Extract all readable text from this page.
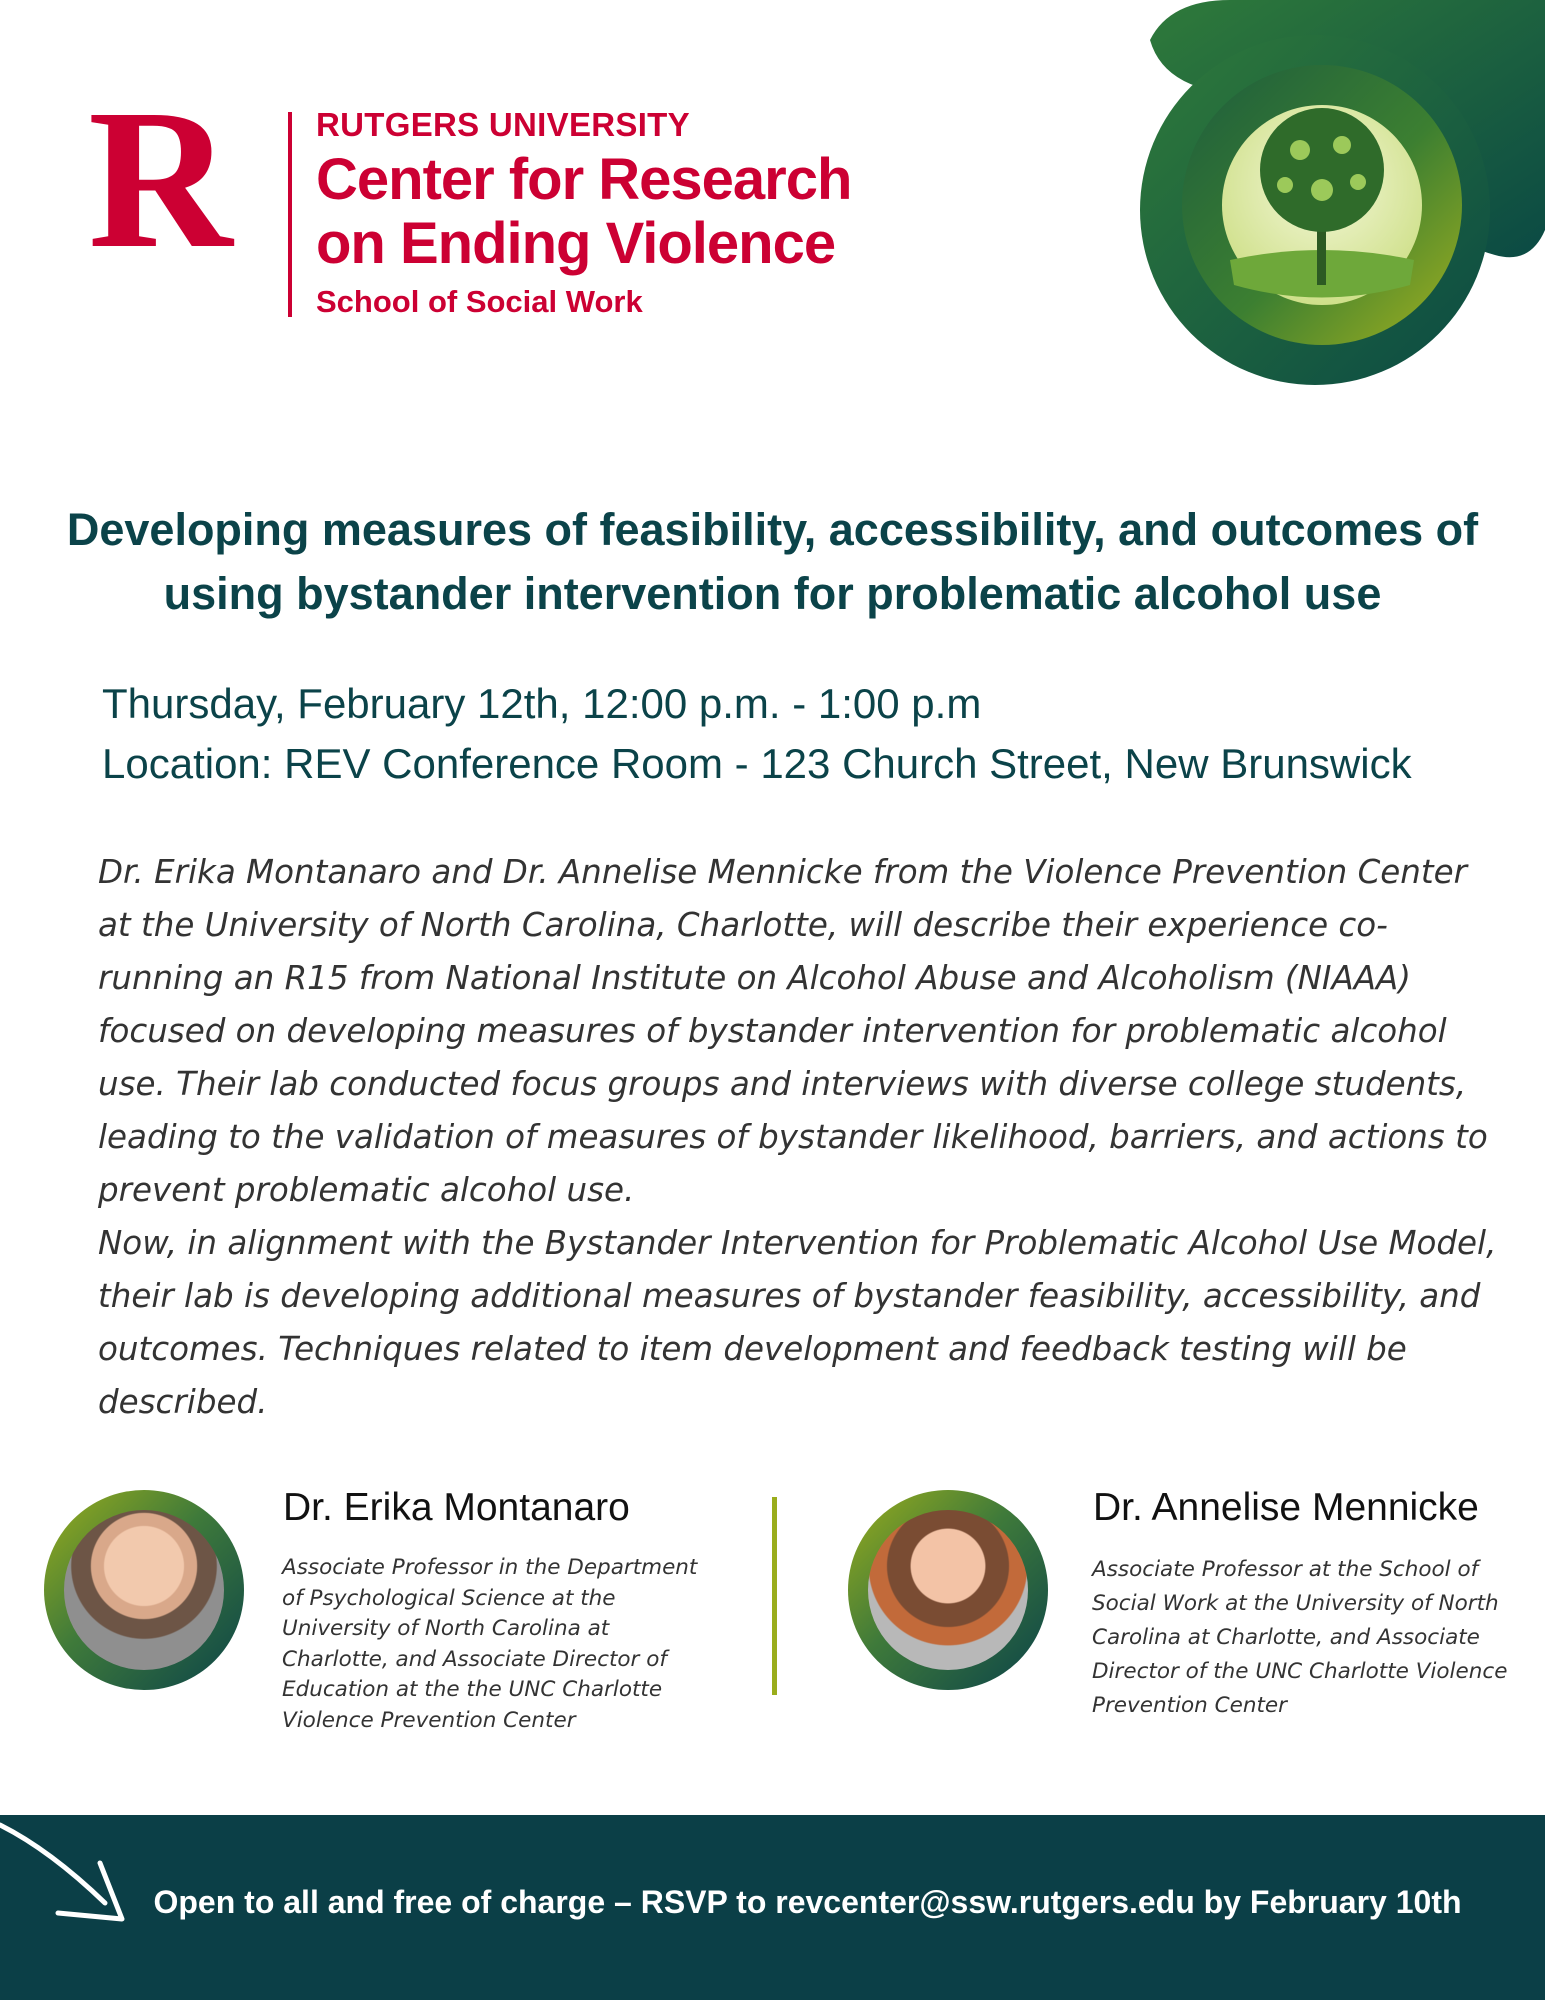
R	RUTGERS UNIVERSITY
Center for Research
on Ending Violence
School of Social Work
Developing measures of feasibility, accessibility, and outcomes of using bystander intervention for problematic alcohol use
Thursday, February 12th, 12:00 p.m. - 1:00 p.m
Location: REV Conference Room - 123 Church Street, New Brunswick
Dr. Erika Montanaro and Dr. Annelise Mennicke from the Violence Prevention Center at the University of North Carolina, Charlotte, will describe their experience co-running an R15 from National Institute on Alcohol Abuse and Alcoholism (NIAAA) focused on developing measures of bystander intervention for problematic alcohol use. Their lab conducted focus groups and interviews with diverse college students, leading to the validation of measures of bystander likelihood, barriers, and actions to prevent problematic alcohol use.
Now, in alignment with the Bystander Intervention for Problematic Alcohol Use Model, their lab is developing additional measures of bystander feasibility, accessibility, and outcomes. Techniques related to item development and feedback testing will be described.
Dr. Erika Montanaro
Associate Professor in the Department of Psychological Science at the University of North Carolina at Charlotte, and Associate Director of Education at the the UNC Charlotte Violence Prevention Center
Dr. Annelise Mennicke
Associate Professor at the School of Social Work at the University of North Carolina at Charlotte, and Associate Director of the UNC Charlotte Violence Prevention Center
Open to all and free of charge – RSVP to revcenter@ssw.rutgers.edu by February 10th
